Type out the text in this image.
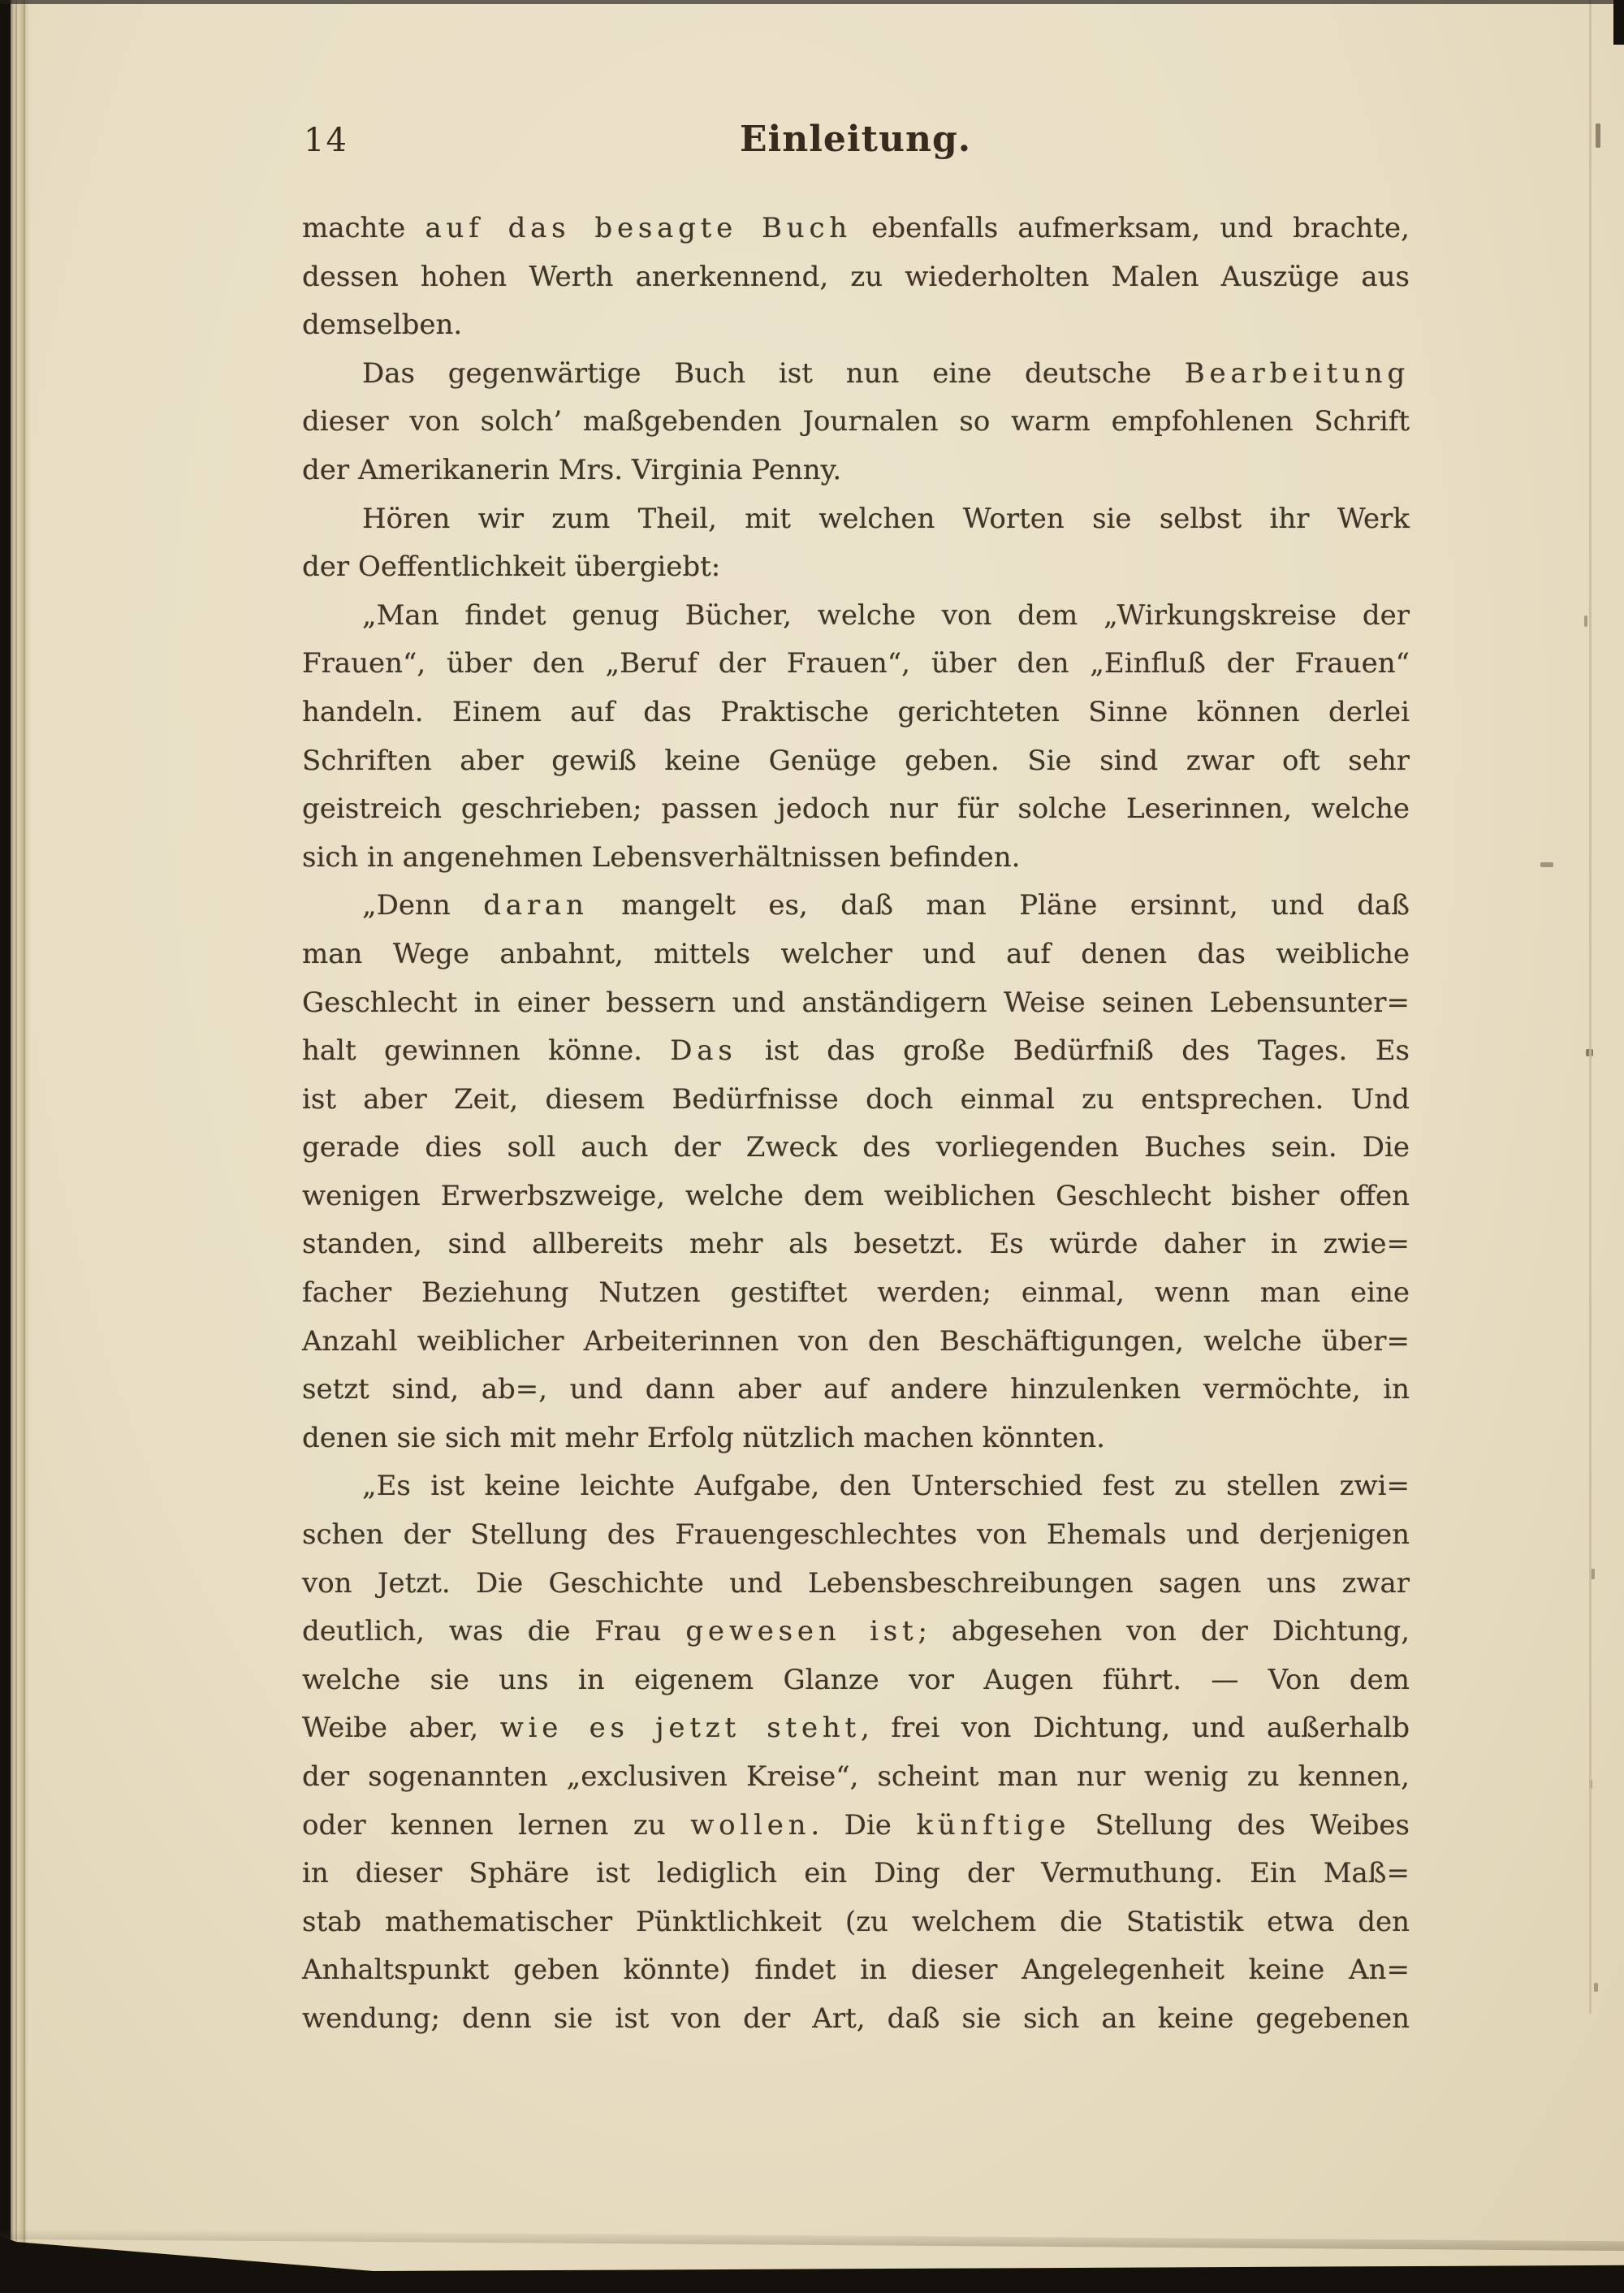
14	Einleitung.
machte auf das besagte Buch ebenfalls aufmerksam, und brachte,
dessen hohen Werth anerkennend, zu wiederholten Malen Auszüge aus
demselben.
Das gegenwärtige Buch ist nun eine deutsche Bearbeitung
dieser von solch’ maßgebenden Journalen so warm empfohlenen Schrift
der Amerikanerin Mrs. Virginia Penny.
Hören wir zum Theil, mit welchen Worten sie selbst ihr Werk
der Oeffentlichkeit übergiebt:
„Man findet genug Bücher, welche von dem „Wirkungskreise der
Frauen“, über den „Beruf der Frauen“, über den „Einfluß der Frauen“
handeln. Einem auf das Praktische gerichteten Sinne können derlei
Schriften aber gewiß keine Genüge geben. Sie sind zwar oft sehr
geistreich geschrieben; passen jedoch nur für solche Leserinnen, welche
sich in angenehmen Lebensverhältnissen befinden.
„Denn daran mangelt es, daß man Pläne ersinnt, und daß
man Wege anbahnt, mittels welcher und auf denen das weibliche
Geschlecht in einer bessern und anständigern Weise seinen Lebensunter=
halt gewinnen könne. Das ist das große Bedürfniß des Tages. Es
ist aber Zeit, diesem Bedürfnisse doch einmal zu entsprechen. Und
gerade dies soll auch der Zweck des vorliegenden Buches sein. Die
wenigen Erwerbszweige, welche dem weiblichen Geschlecht bisher offen
standen, sind allbereits mehr als besetzt. Es würde daher in zwie=
facher Beziehung Nutzen gestiftet werden; einmal, wenn man eine
Anzahl weiblicher Arbeiterinnen von den Beschäftigungen, welche über=
setzt sind, ab=, und dann aber auf andere hinzulenken vermöchte, in
denen sie sich mit mehr Erfolg nützlich machen könnten.
„Es ist keine leichte Aufgabe, den Unterschied fest zu stellen zwi=
schen der Stellung des Frauengeschlechtes von Ehemals und derjenigen
von Jetzt. Die Geschichte und Lebensbeschreibungen sagen uns zwar
deutlich, was die Frau gewesen ist; abgesehen von der Dichtung,
welche sie uns in eigenem Glanze vor Augen führt. — Von dem
Weibe aber, wie es jetzt steht, frei von Dichtung, und außerhalb
der sogenannten „exclusiven Kreise“, scheint man nur wenig zu kennen,
oder kennen lernen zu wollen. Die künftige Stellung des Weibes
in dieser Sphäre ist lediglich ein Ding der Vermuthung. Ein Maß=
stab mathematischer Pünktlichkeit (zu welchem die Statistik etwa den
Anhaltspunkt geben könnte) findet in dieser Angelegenheit keine An=
wendung; denn sie ist von der Art, daß sie sich an keine gegebenen
